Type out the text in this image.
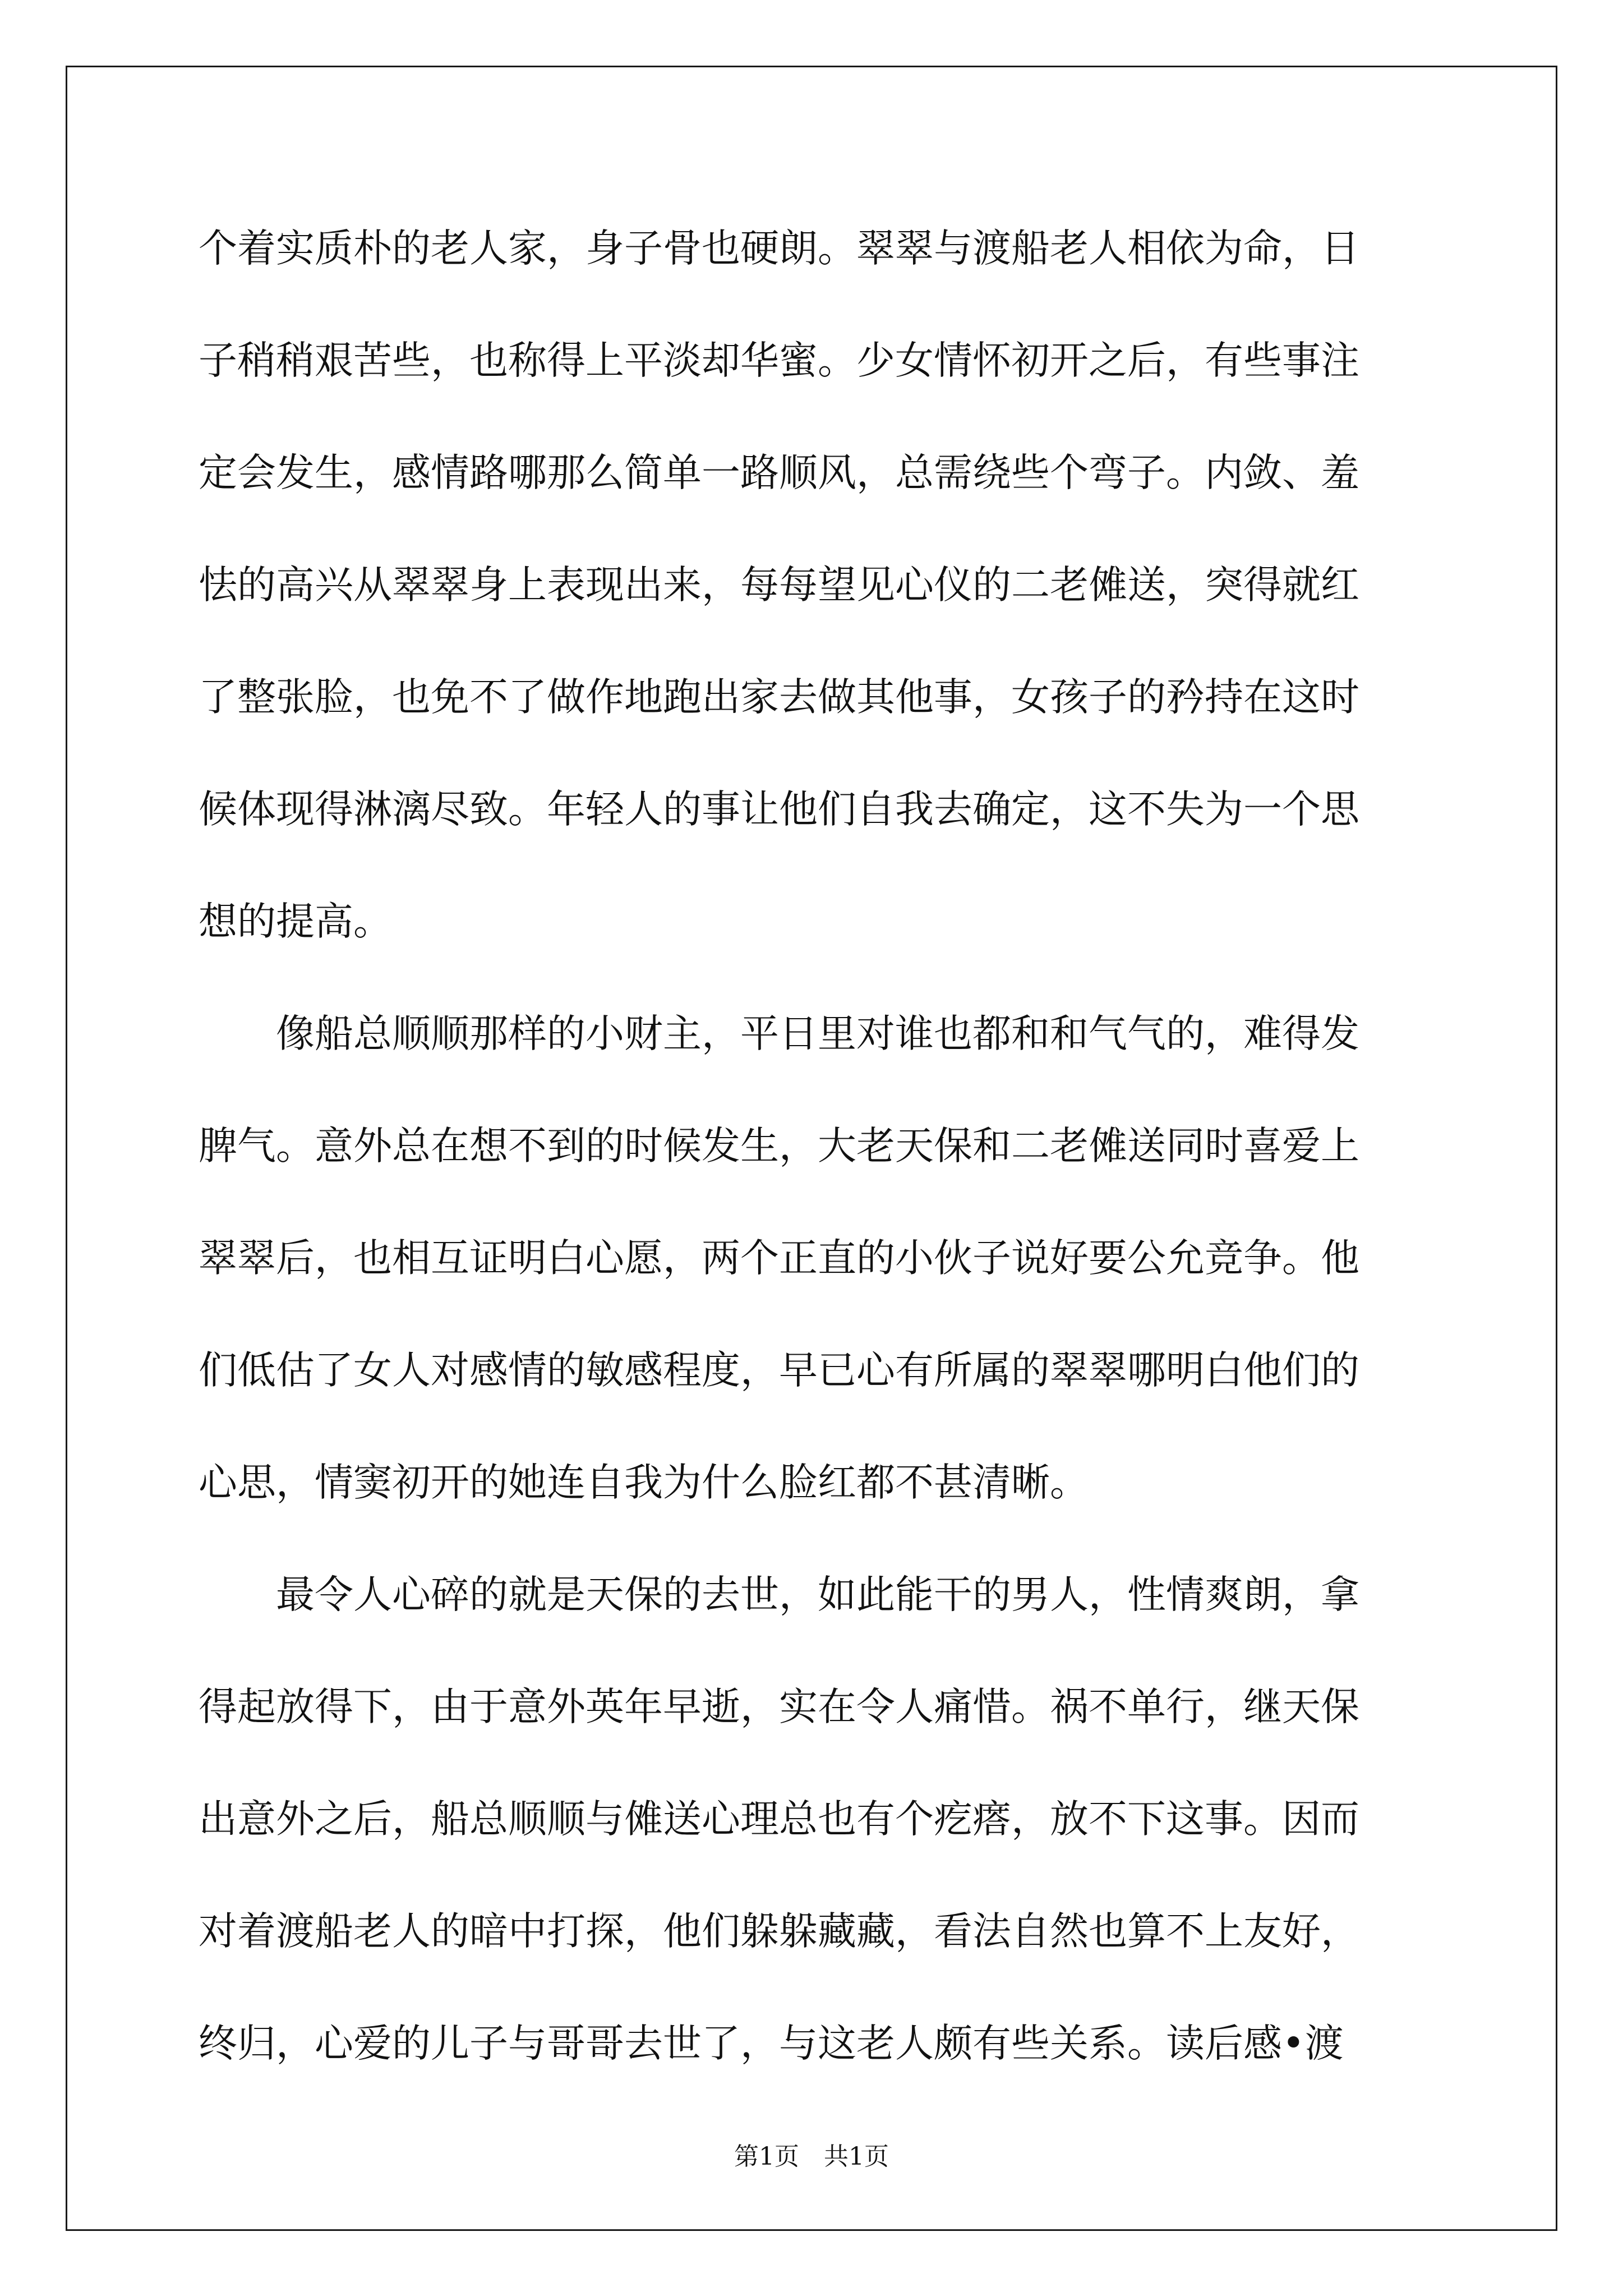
个着实质朴的老人家，身子骨也硬朗。翠翠与渡船老人相依为命，日
子稍稍艰苦些，也称得上平淡却华蜜。少女情怀初开之后，有些事注
定会发生，感情路哪那么简单一路顺风，总需绕些个弯子。内敛、羞
怯的高兴从翠翠身上表现出来，每每望见心仪的二老傩送，突得就红
了整张脸，也免不了做作地跑出家去做其他事，女孩子的矜持在这时
候体现得淋漓尽致。年轻人的事让他们自我去确定，这不失为一个思
想的提高。
　　像船总顺顺那样的小财主，平日里对谁也都和和气气的，难得发
脾气。意外总在想不到的时候发生，大老天保和二老傩送同时喜爱上
翠翠后，也相互证明白心愿，两个正直的小伙子说好要公允竞争。他
们低估了女人对感情的敏感程度，早已心有所属的翠翠哪明白他们的
心思，情窦初开的她连自我为什么脸红都不甚清晰。
　　最令人心碎的就是天保的去世，如此能干的男人，性情爽朗，拿
得起放得下，由于意外英年早逝，实在令人痛惜。祸不单行，继天保
出意外之后，船总顺顺与傩送心理总也有个疙瘩，放不下这事。因而
对着渡船老人的暗中打探，他们躲躲藏藏，看法自然也算不上友好，
终归，心爱的儿子与哥哥去世了，与这老人颇有些关系。读后感•渡
第1页　共1页
